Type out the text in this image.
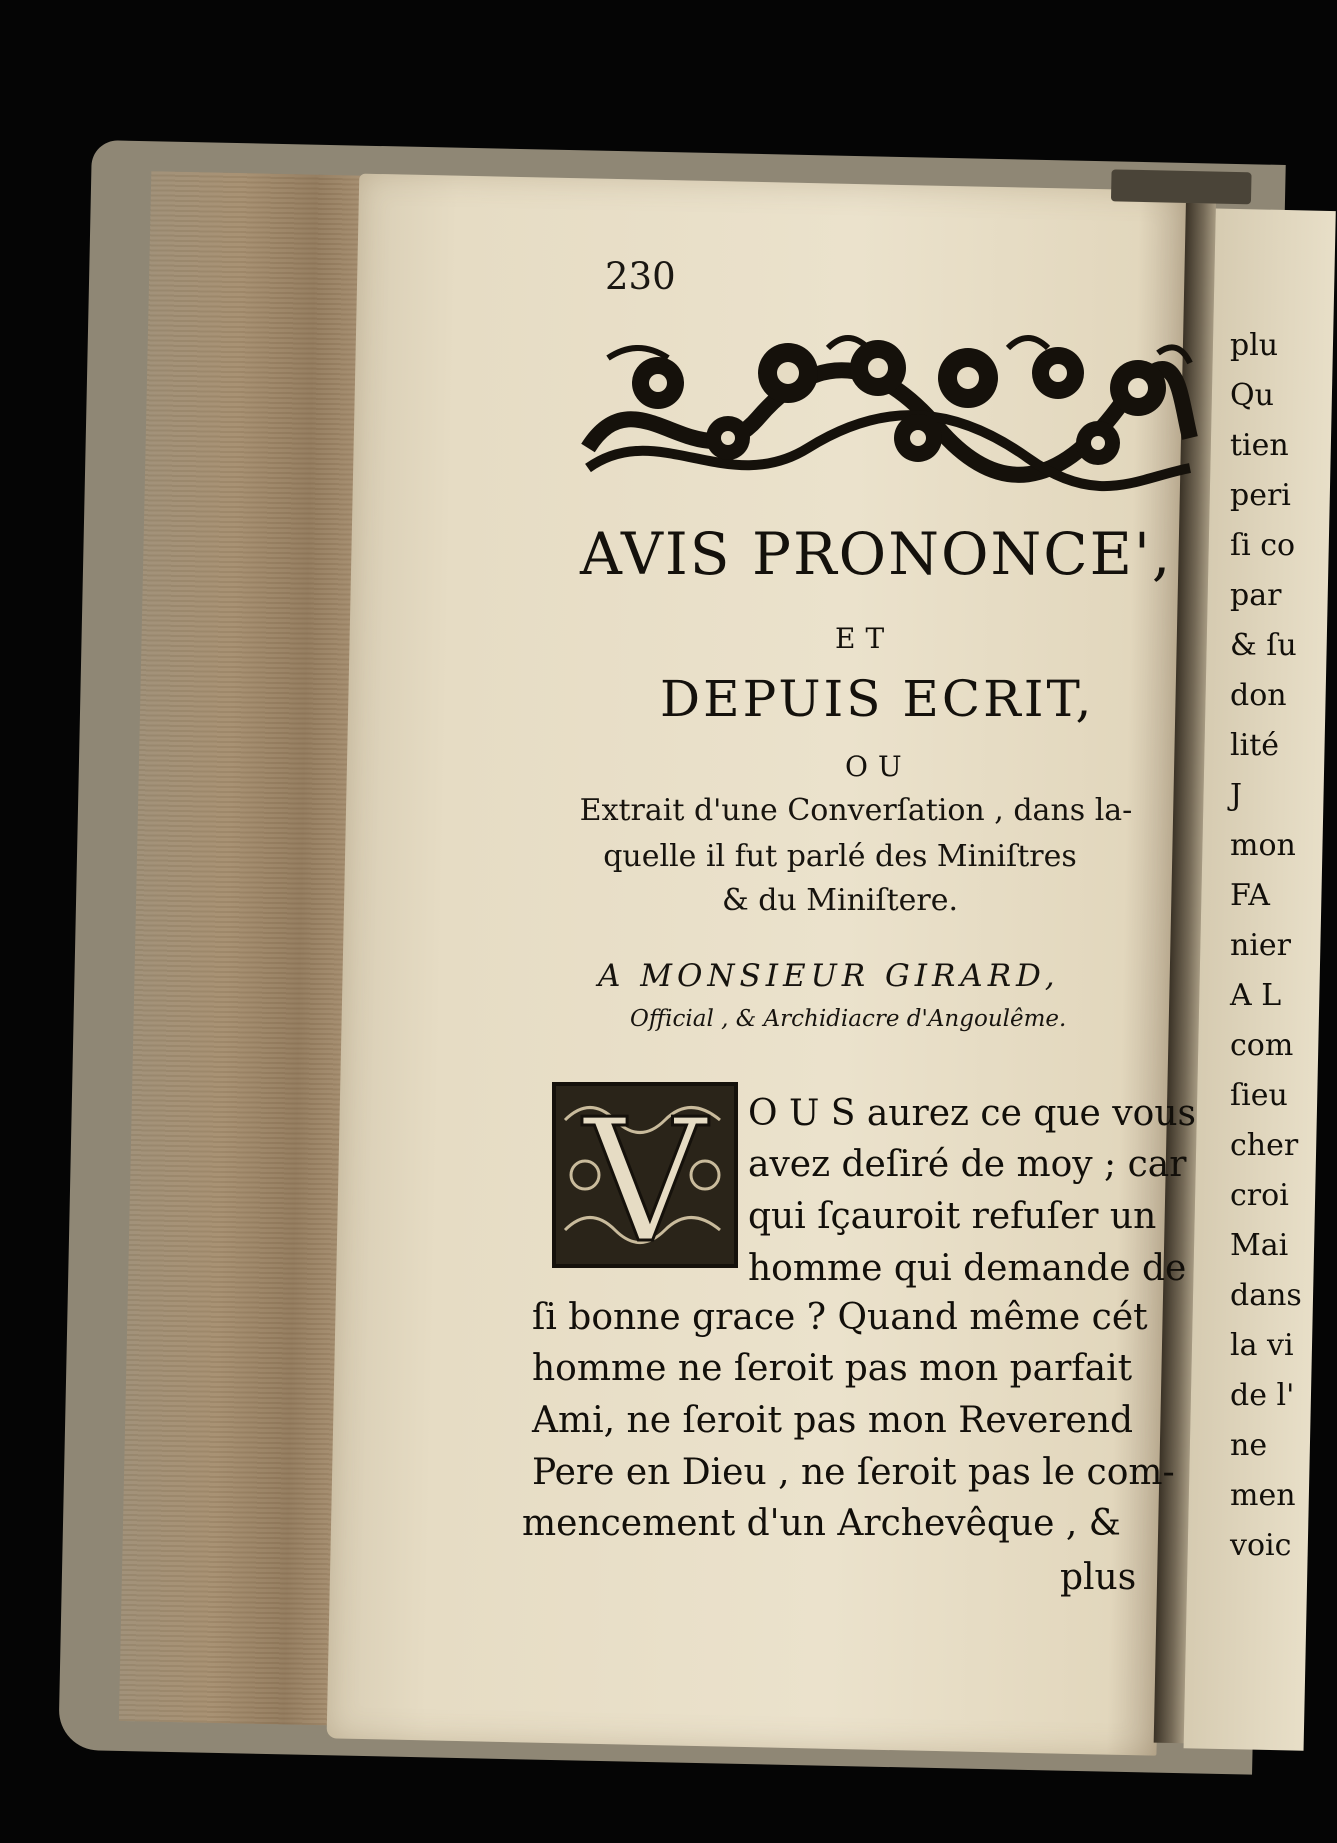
230
AVIS PRONONCE',
ET
DEPUIS ECRIT,
OU
Extrait d'une Converſation , dans la-
quelle il fut parlé des Miniſtres
& du Miniſtere.
A MONSIEUR GIRARD,
Official , & Archidiacre d'Angoulême.
V O U S aurez ce que vous
avez deſiré de moy ; car
qui ſçauroit refuſer un
homme qui demande de
ſi bonne grace ? Quand même cét
homme ne ſeroit pas mon parfait
Ami, ne ſeroit pas mon Reverend
Pere en Dieu , ne ſeroit pas le com-
mencement d'un Archevêque , &
plus
plu
Qu
tien
peri
ſi co
par
& ſu
don
lité
J
mon
FA
nier
A L
com
ſieu
cher
croi
Mai
dans
la vi
de l'
ne
men
voic
